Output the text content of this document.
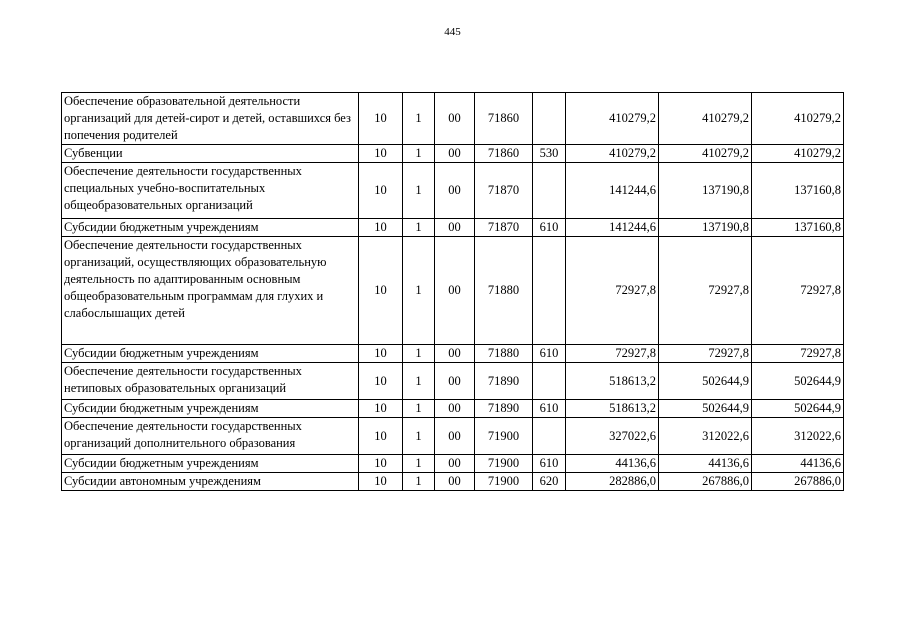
445
Обеспечение образовательной деятельности организаций для детей-сирот и детей, оставшихся без попечения родителей	10	1	00	71860		410279,2	410279,2	410279,2
Субвенции	10	1	00	71860	530	410279,2	410279,2	410279,2
Обеспечение деятельности государственных специальных учебно-воспитательных общеобразовательных организаций	10	1	00	71870		141244,6	137190,8	137160,8
Субсидии бюджетным учреждениям	10	1	00	71870	610	141244,6	137190,8	137160,8
Обеспечение деятельности государственных организаций, осуществляющих образовательную деятельность по адаптированным основным общеобразовательным программам для глухих и слабослышащих детей	10	1	00	71880		72927,8	72927,8	72927,8
Субсидии бюджетным учреждениям	10	1	00	71880	610	72927,8	72927,8	72927,8
Обеспечение деятельности государственных нетиповых образовательных организаций	10	1	00	71890		518613,2	502644,9	502644,9
Субсидии бюджетным учреждениям	10	1	00	71890	610	518613,2	502644,9	502644,9
Обеспечение деятельности государственных организаций дополнительного образования	10	1	00	71900		327022,6	312022,6	312022,6
Субсидии бюджетным учреждениям	10	1	00	71900	610	44136,6	44136,6	44136,6
Субсидии автономным учреждениям	10	1	00	71900	620	282886,0	267886,0	267886,0
